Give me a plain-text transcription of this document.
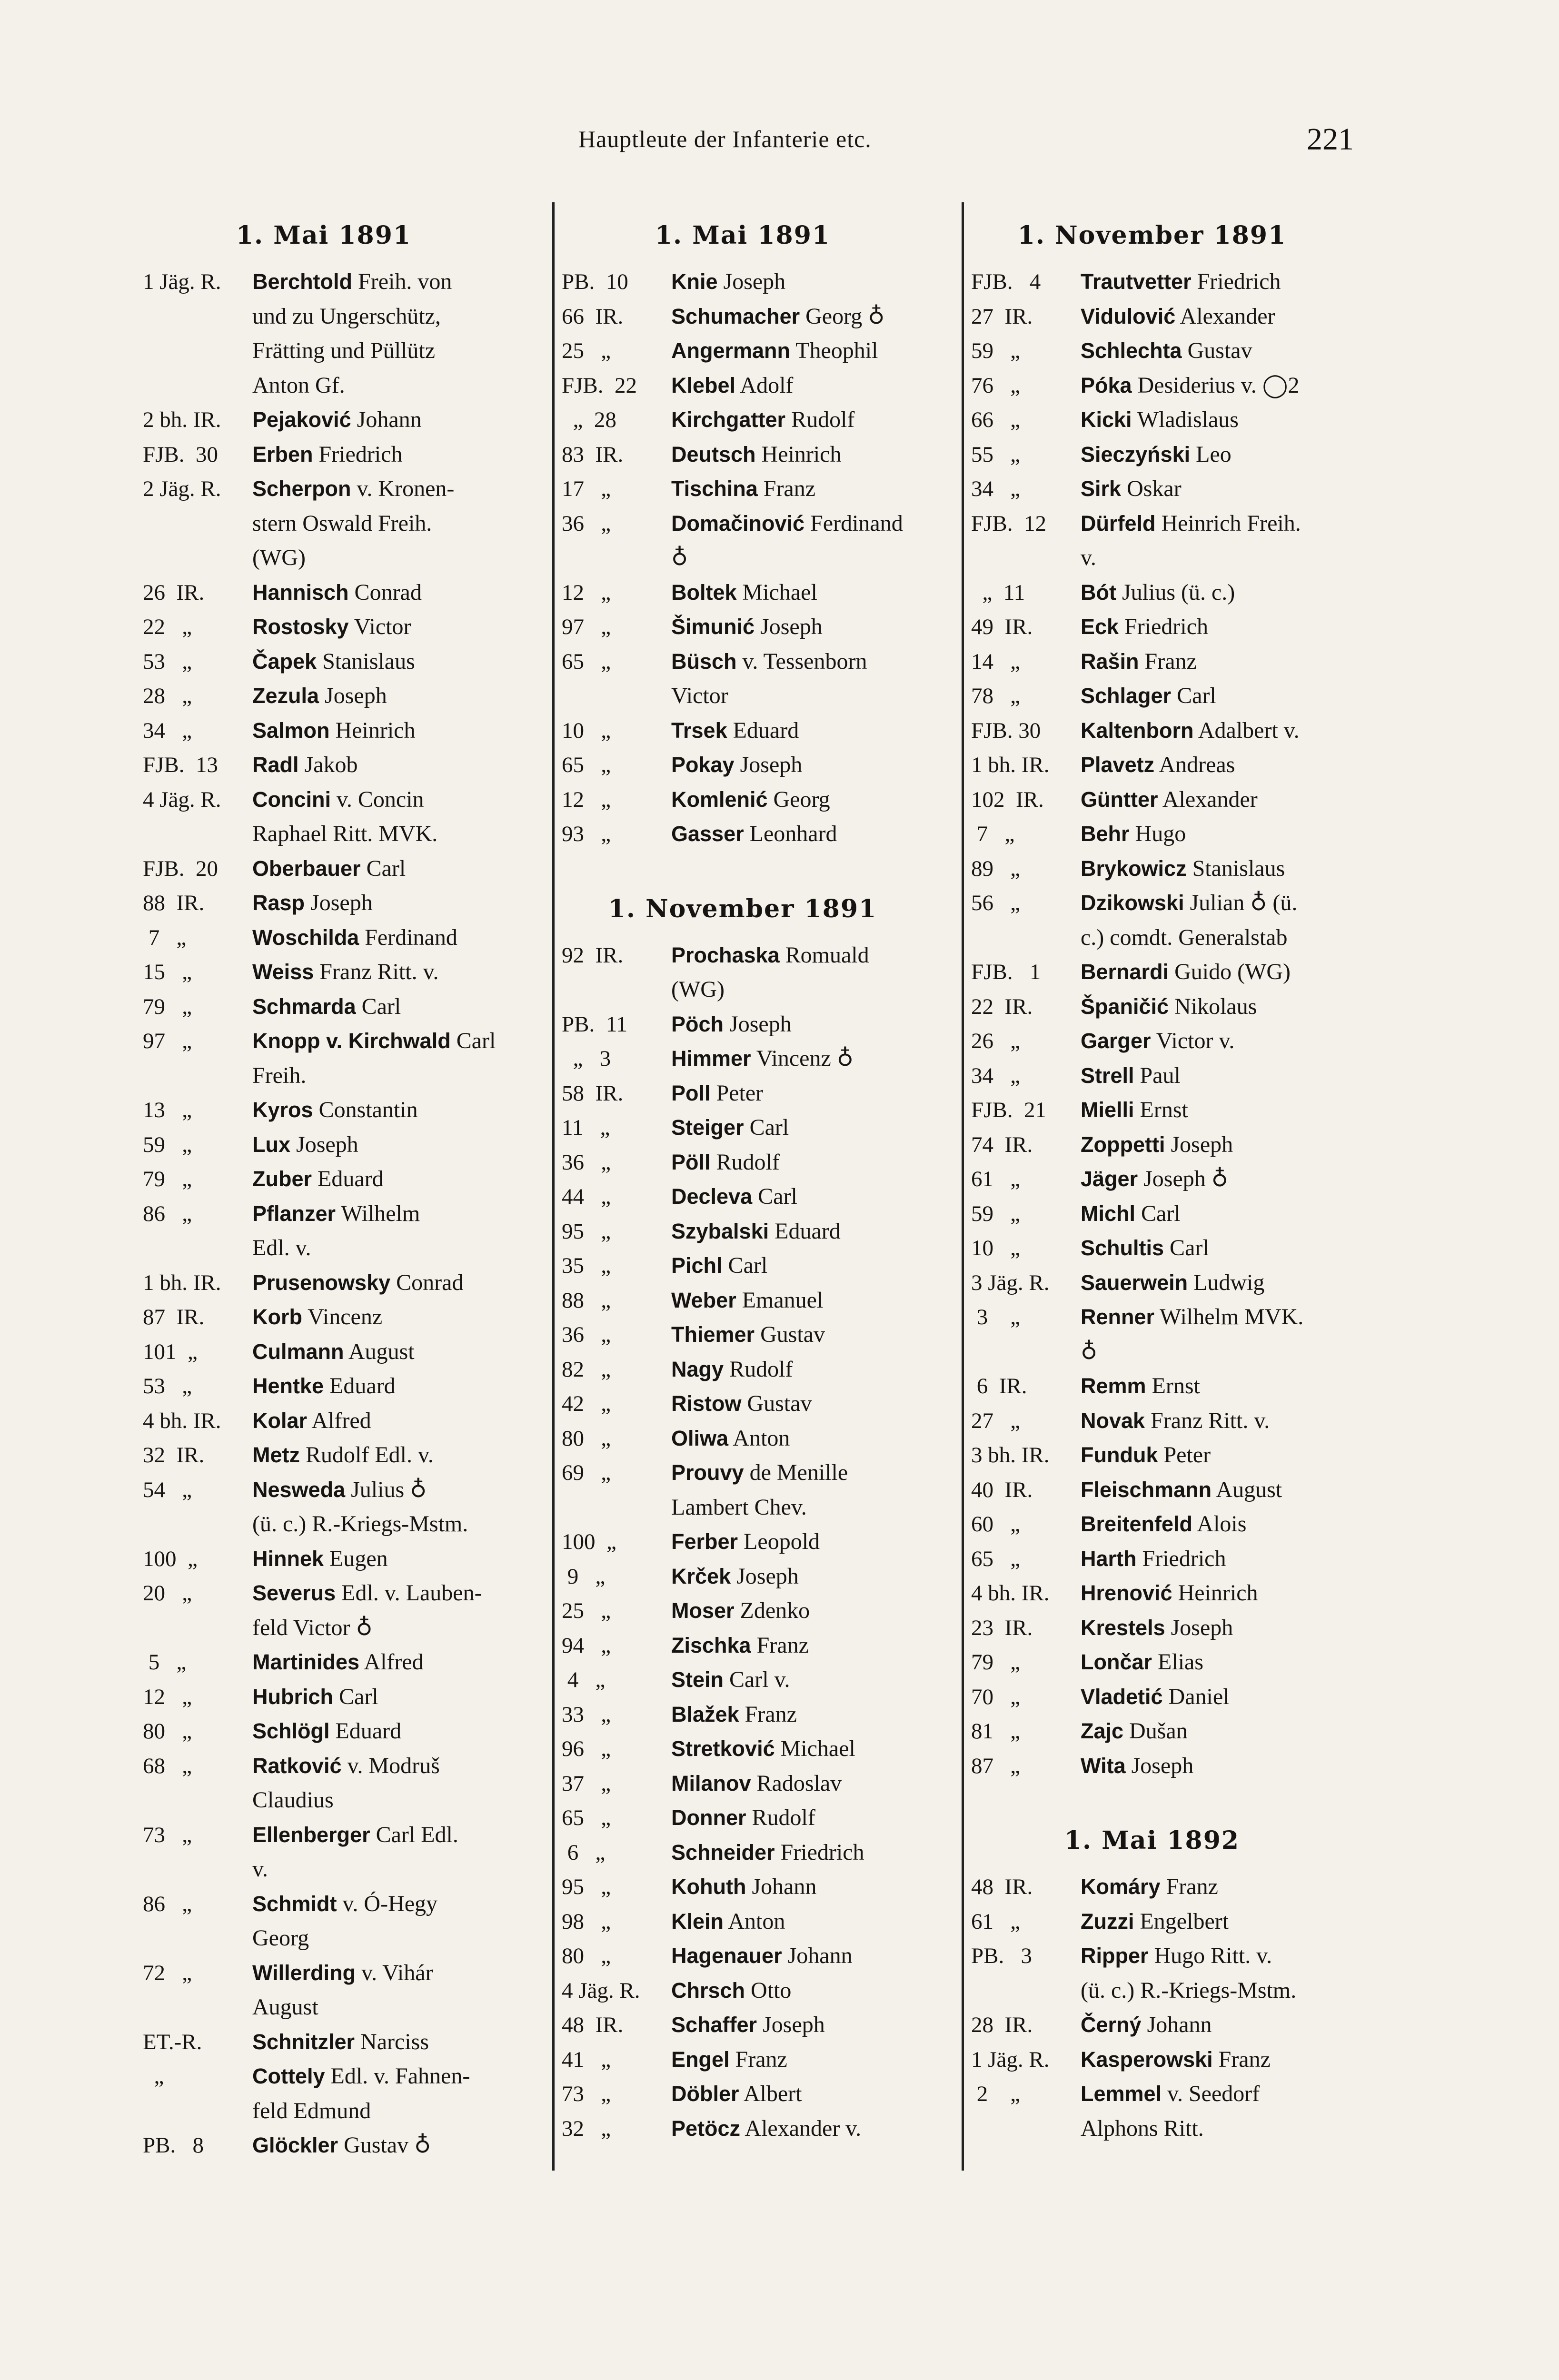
Hauptleute der Infanterie etc.	221
1. Mai 1891
1 Jäg. R.	Berchtold Freih. von
und zu Ungerschütz,
Frätting und Püllütz
Anton Gf.
2 bh. IR.	Pejaković Johann
FJB.  30	Erben Friedrich
2 Jäg. R.	Scherpon v. Kronen-
stern Oswald Freih.
(WG)
26  IR.	Hannisch Conrad
22   „	Rostosky Victor
53   „	Čapek Stanislaus
28   „	Zezula Joseph
34   „	Salmon Heinrich
FJB.  13	Radl Jakob
4 Jäg. R.	Concini v. Concin
Raphael Ritt. MVK.
FJB.  20	Oberbauer Carl
88  IR.	Rasp Joseph
7   „	Woschilda Ferdinand
15   „	Weiss Franz Ritt. v.
79   „	Schmarda Carl
97   „	Knopp v. Kirchwald Carl
Freih.
13   „	Kyros Constantin
59   „	Lux Joseph
79   „	Zuber Eduard
86   „	Pflanzer Wilhelm
Edl. v.
1 bh. IR.	Prusenowsky Conrad
87  IR.	Korb Vincenz
101  „	Culmann August
53   „	Hentke Eduard
4 bh. IR.	Kolar Alfred
32  IR.	Metz Rudolf Edl. v.
54   „	Nesweda Julius ♁
(ü. c.) R.-Kriegs-Mstm.
100  „	Hinnek Eugen
20   „	Severus Edl. v. Lauben-
feld Victor ♁
5   „	Martinides Alfred
12   „	Hubrich Carl
80   „	Schlögl Eduard
68   „	Ratković v. Modruš
Claudius
73   „	Ellenberger Carl Edl.
v.
86   „	Schmidt v. Ó-Hegy
Georg
72   „	Willerding v. Vihár
August
ET.-R.	Schnitzler Narciss
„	Cottely Edl. v. Fahnen-
feld Edmund
PB.   8	Glöckler Gustav ♁
1. Mai 1891
PB.  10	Knie Joseph
66  IR.	Schumacher Georg ♁
25   „	Angermann Theophil
FJB.  22	Klebel Adolf
„  28	Kirchgatter Rudolf
83  IR.	Deutsch Heinrich
17   „	Tischina Franz
36   „	Domačinović Ferdinand
♁
12   „	Boltek Michael
97   „	Šimunić Joseph
65   „	Büsch v. Tessenborn
Victor
10   „	Trsek Eduard
65   „	Pokay Joseph
12   „	Komlenić Georg
93   „	Gasser Leonhard
1. November 1891
92  IR.	Prochaska Romuald
(WG)
PB.  11	Pöch Joseph
„   3	Himmer Vincenz ♁
58  IR.	Poll Peter
11   „	Steiger Carl
36   „	Pöll Rudolf
44   „	Decleva Carl
95   „	Szybalski Eduard
35   „	Pichl Carl
88   „	Weber Emanuel
36   „	Thiemer Gustav
82   „	Nagy Rudolf
42   „	Ristow Gustav
80   „	Oliwa Anton
69   „	Prouvy de Menille
Lambert Chev.
100  „	Ferber Leopold
9   „	Krček Joseph
25   „	Moser Zdenko
94   „	Zischka Franz
4   „	Stein Carl v.
33   „	Blažek Franz
96   „	Stretković Michael
37   „	Milanov Radoslav
65   „	Donner Rudolf
6   „	Schneider Friedrich
95   „	Kohuth Johann
98   „	Klein Anton
80   „	Hagenauer Johann
4 Jäg. R.	Chrsch Otto
48  IR.	Schaffer Joseph
41   „	Engel Franz
73   „	Döbler Albert
32   „	Petöcz Alexander v.
1. November 1891
FJB.   4	Trautvetter Friedrich
27  IR.	Vidulović Alexander
59   „	Schlechta Gustav
76   „	Póka Desiderius v. ◯2
66   „	Kicki Wladislaus
55   „	Sieczyński Leo
34   „	Sirk Oskar
FJB.  12	Dürfeld Heinrich Freih.
v.
„  11	Bót Julius (ü. c.)
49  IR.	Eck Friedrich
14   „	Rašin Franz
78   „	Schlager Carl
FJB. 30	Kaltenborn Adalbert v.
1 bh. IR.	Plavetz Andreas
102  IR.	Güntter Alexander
7   „	Behr Hugo
89   „	Brykowicz Stanislaus
56   „	Dzikowski Julian ♁ (ü.
c.) comdt. Generalstab
FJB.   1	Bernardi Guido (WG)
22  IR.	Španičić Nikolaus
26   „	Garger Victor v.
34   „	Strell Paul
FJB.  21	Mielli Ernst
74  IR.	Zoppetti Joseph
61   „	Jäger Joseph ♁
59   „	Michl Carl
10   „	Schultis Carl
3 Jäg. R.	Sauerwein Ludwig
3    „	Renner Wilhelm MVK.
♁
6  IR.	Remm Ernst
27   „	Novak Franz Ritt. v.
3 bh. IR.	Funduk Peter
40  IR.	Fleischmann August
60   „	Breitenfeld Alois
65   „	Harth Friedrich
4 bh. IR.	Hrenović Heinrich
23  IR.	Krestels Joseph
79   „	Lončar Elias
70   „	Vladetić Daniel
81   „	Zajc Dušan
87   „	Wita Joseph
1. Mai 1892
48  IR.	Komáry Franz
61   „	Zuzzi Engelbert
PB.   3	Ripper Hugo Ritt. v.
(ü. c.) R.-Kriegs-Mstm.
28  IR.	Černý Johann
1 Jäg. R.	Kasperowski Franz
2    „	Lemmel v. Seedorf
Alphons Ritt.
